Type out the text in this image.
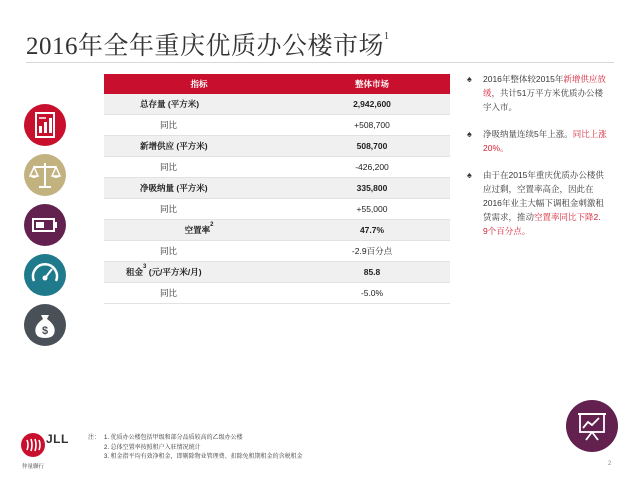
2016年全年重庆优质办公楼市场$^1$
$
指标	整体市场
总存量 (平方米)	2,942,600
同比	+508,700
新增供应 (平方米)	508,700
同比	-426,200
净吸纳量 (平方米)	335,800
同比	+55,000
空置率$^2$	47.7%
同比	-2.9百分点
租金$^3$ (元/平方米/月)	85.8
同比	-5.0%
♠ 2016年整体较2015年新增供应放缓，共计51万平方米优质办公楼宇入市。
♠ 净吸纳量连续5年上涨。同比上涨20%。
♠ 由于在2015年重庆优质办公楼供应过剩，空置率高企，因此在2016年业主大幅下调租金刺激租赁需求，推动空置率同比下降2. 9个百分点。
JLL
仲量聯行
注： 1. 优质办公楼包括甲级和部分品质较高的乙级办公楼
2. 总体空置率按照租户入驻情况统计
3. 租金指平均有效净租金，即剔除物业管理费、扣除免租期租金的含税租金
2
